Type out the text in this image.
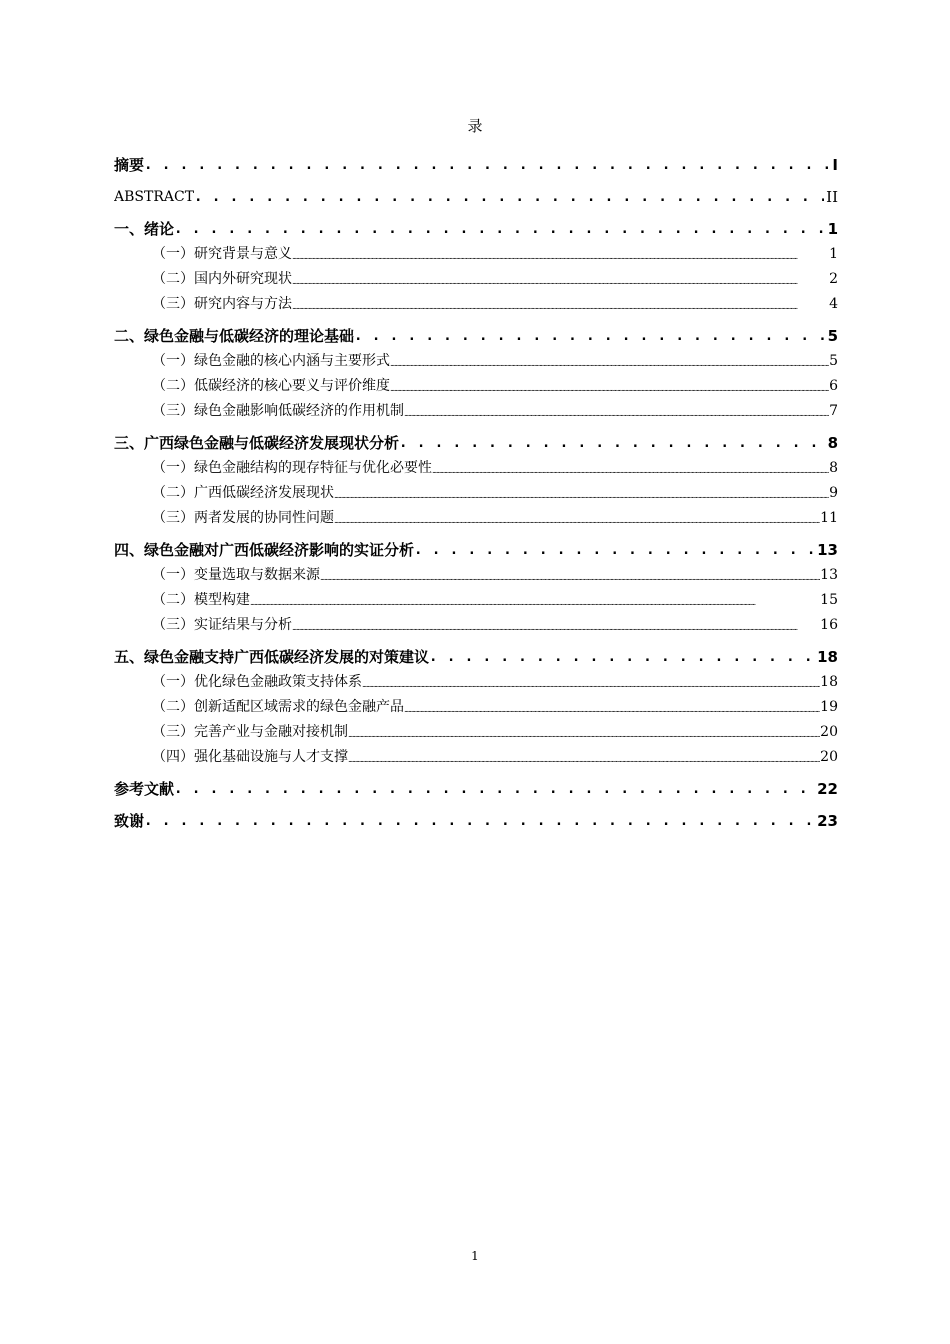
录
摘要 . . .	I
ABSTRACT . . .	II
一、绪论 . . .	1
（一）研究背景与意义 .....	1
（二）国内外研究现状 .....	2
（三）研究内容与方法 .....	4
二、绿色金融与低碳经济的理论基础 . . .	5
（一）绿色金融的核心内涵与主要形式 .....	5
（二）低碳经济的核心要义与评价维度 .....	6
（三）绿色金融影响低碳经济的作用机制 .....	7
三、广西绿色金融与低碳经济发展现状分析 . . .	8
（一）绿色金融结构的现存特征与优化必要性 .....	8
（二）广西低碳经济发展现状 .....	9
（三）两者发展的协同性问题 .....	11
四、绿色金融对广西低碳经济影响的实证分析 . . .	13
（一）变量选取与数据来源 .....	13
（二）模型构建 .....	15
（三）实证结果与分析 .....	16
五、绿色金融支持广西低碳经济发展的对策建议 . . .	18
（一）优化绿色金融政策支持体系 .....	18
（二）创新适配区域需求的绿色金融产品 .....	19
（三）完善产业与金融对接机制 .....	20
（四）强化基础设施与人才支撑 .....	20
参考文献 . . .	22
致谢 . . .	23
1
